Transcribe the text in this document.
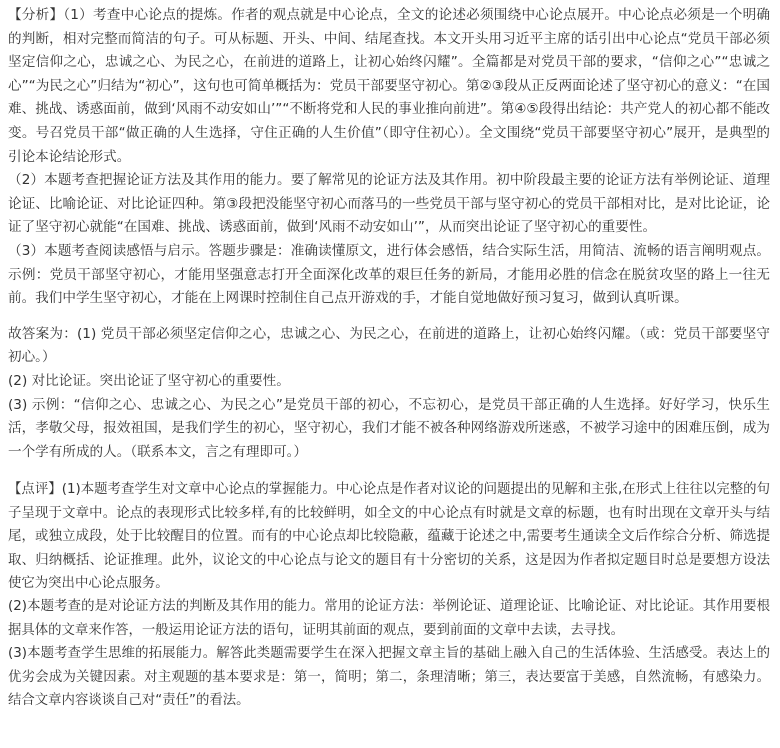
【分析】（1）考查中心论点的提炼。作者的观点就是中心论点，全文的论述必须围绕中心论点展开。中心论点必须是一个明确的判断，相对完整而简洁的句子。可从标题、开头、中间、结尾查找。本文开头用习近平主席的话引出中心论点“党员干部必须坚定信仰之心，忠诚之心、为民之心，在前进的道路上，让初心始终闪耀”。全篇都是对党员干部的要求，“信仰之心”“忠诚之心”“为民之心”归结为“初心”，这句也可简单概括为：党员干部要坚守初心。第②③段从正反两面论述了坚守初心的意义：“在国难、挑战、诱惑面前，做到‘风雨不动安如山’”“不断将党和人民的事业推向前进”。第④⑤段得出结论：共产党人的初心都不能改变。号召党员干部“做正确的人生选择，守住正确的人生价值”（即守住初心）。全文围绕“党员干部要坚守初心”展开，是典型的引论本论结论形式。

（2）本题考查把握论证方法及其作用的能力。要了解常见的论证方法及其作用。初中阶段最主要的论证方法有举例论证、道理论证、比喻论证、对比论证四种。第③段把没能坚守初心而落马的一些党员干部与坚守初心的党员干部相对比，是对比论证，论证了坚守初心就能“在国难、挑战、诱惑面前，做到‘风雨不动安如山’”，从而突出论证了坚守初心的重要性。

（3）本题考查阅读感悟与启示。答题步骤是：准确读懂原文，进行体会感悟，结合实际生活，用简洁、流畅的语言阐明观点。示例：党员干部坚守初心，才能用坚强意志打开全面深化改革的艰巨任务的新局，才能用必胜的信念在脱贫攻坚的路上一往无前。我们中学生坚守初心，才能在上网课时控制住自己点开游戏的手，才能自觉地做好预习复习，做到认真听课。

故答案为：(1) 党员干部必须坚定信仰之心，忠诚之心、为民之心，在前进的道路上，让初心始终闪耀。（或：党员干部要坚守初心。）

(2) 对比论证。突出论证了坚守初心的重要性。

(3) 示例：“信仰之心、忠诚之心、为民之心”是党员干部的初心，不忘初心，是党员干部正确的人生选择。好好学习，快乐生活，孝敬父母，报效祖国，是我们学生的初心，坚守初心，我们才能不被各种网络游戏所迷惑，不被学习途中的困难压倒，成为一个学有所成的人。（联系本文，言之有理即可。）

【点评】(1)本题考查学生对文章中心论点的掌握能力。中心论点是作者对议论的问题提出的见解和主张,在形式上往往以完整的句子呈现于文章中。论点的表现形式比较多样,有的比较鲜明，如全文的中心论点有时就是文章的标题，也有时出现在文章开头与结尾，或独立成段，处于比较醒目的位置。而有的中心论点却比较隐蔽，蕴藏于论述之中,需要考生通读全文后作综合分析、筛选提取、归纳概括、论证推理。此外，议论文的中心论点与论文的题目有十分密切的关系，这是因为作者拟定题目时总是要想方设法使它为突出中心论点服务。

(2)本题考查的是对论证方法的判断及其作用的能力。常用的论证方法：举例论证、道理论证、比喻论证、对比论证。其作用要根据具体的文章来作答，一般运用论证方法的语句，证明其前面的观点，要到前面的文章中去读，去寻找。

(3)本题考查学生思维的拓展能力。解答此类题需要学生在深入把握文章主旨的基础上融入自己的生活体验、生活感受。表达上的优劣会成为关键因素。对主观题的基本要求是：第一，简明；第二，条理清晰；第三，表达要富于美感，自然流畅，有感染力。结合文章内容谈谈自己对“责任”的看法。
